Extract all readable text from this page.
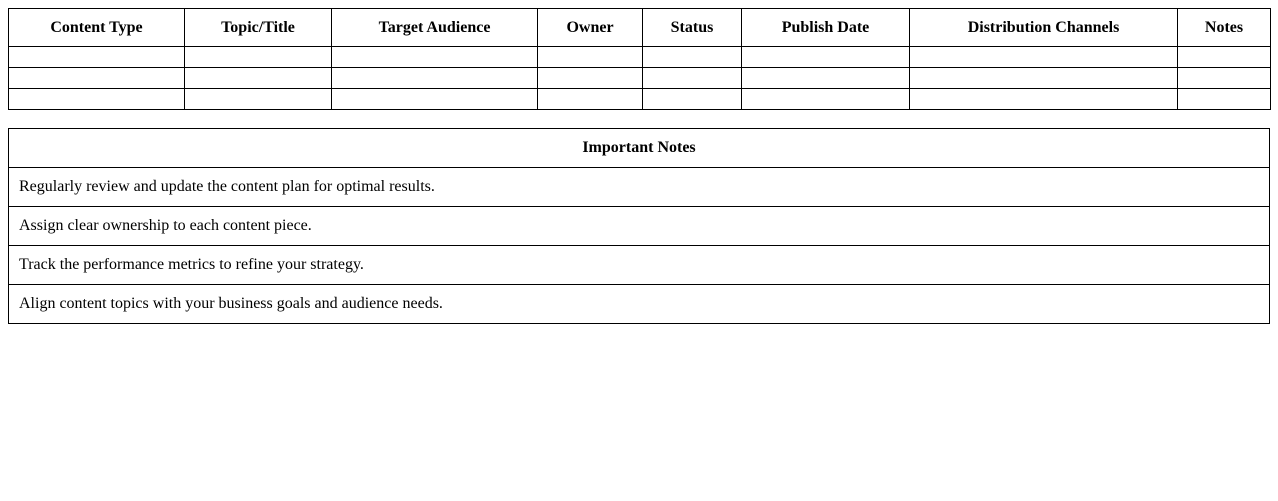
Content Type	Topic/Title	Target Audience	Owner	Status	Publish Date	Distribution Channels	Notes

Important Notes
Regularly review and update the content plan for optimal results.
Assign clear ownership to each content piece.
Track the performance metrics to refine your strategy.
Align content topics with your business goals and audience needs.
